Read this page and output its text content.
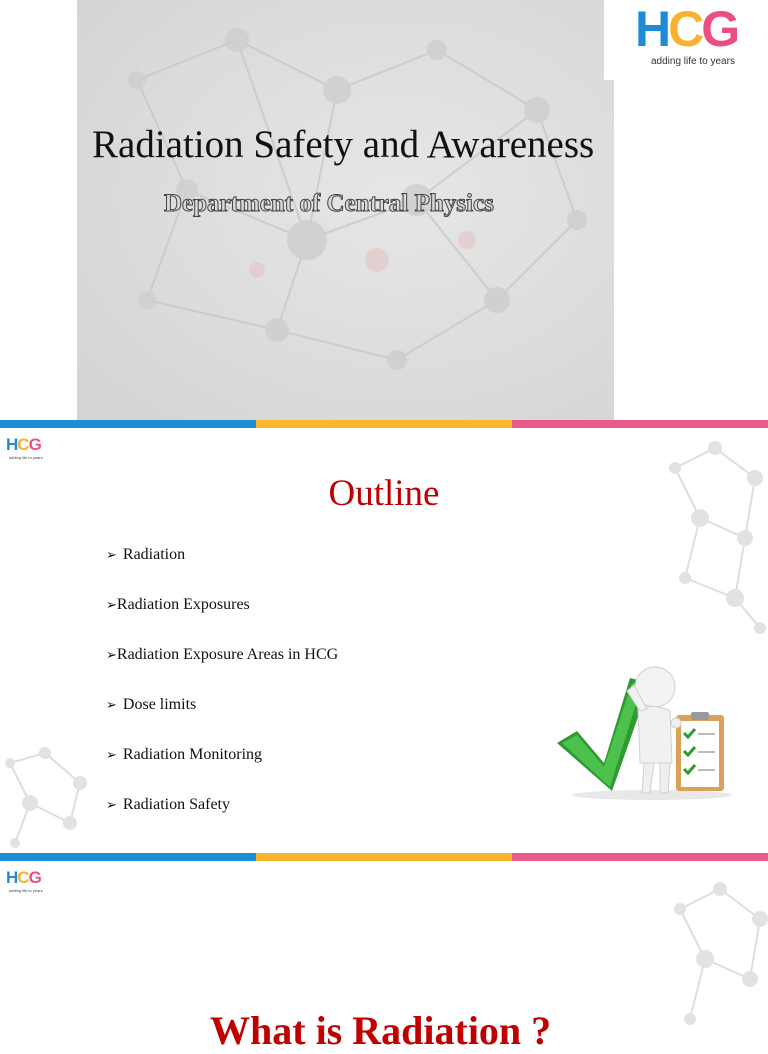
HCG
adding life to years
Radiation Safety and Awareness
Department of Central Physics
HCG
adding life to years
Outline
➢ Radiation
➢Radiation Exposures
➢Radiation Exposure Areas in HCG
➢ Dose limits
➢ Radiation Monitoring
➢ Radiation Safety
HCG
adding life to years
What is Radiation ?
